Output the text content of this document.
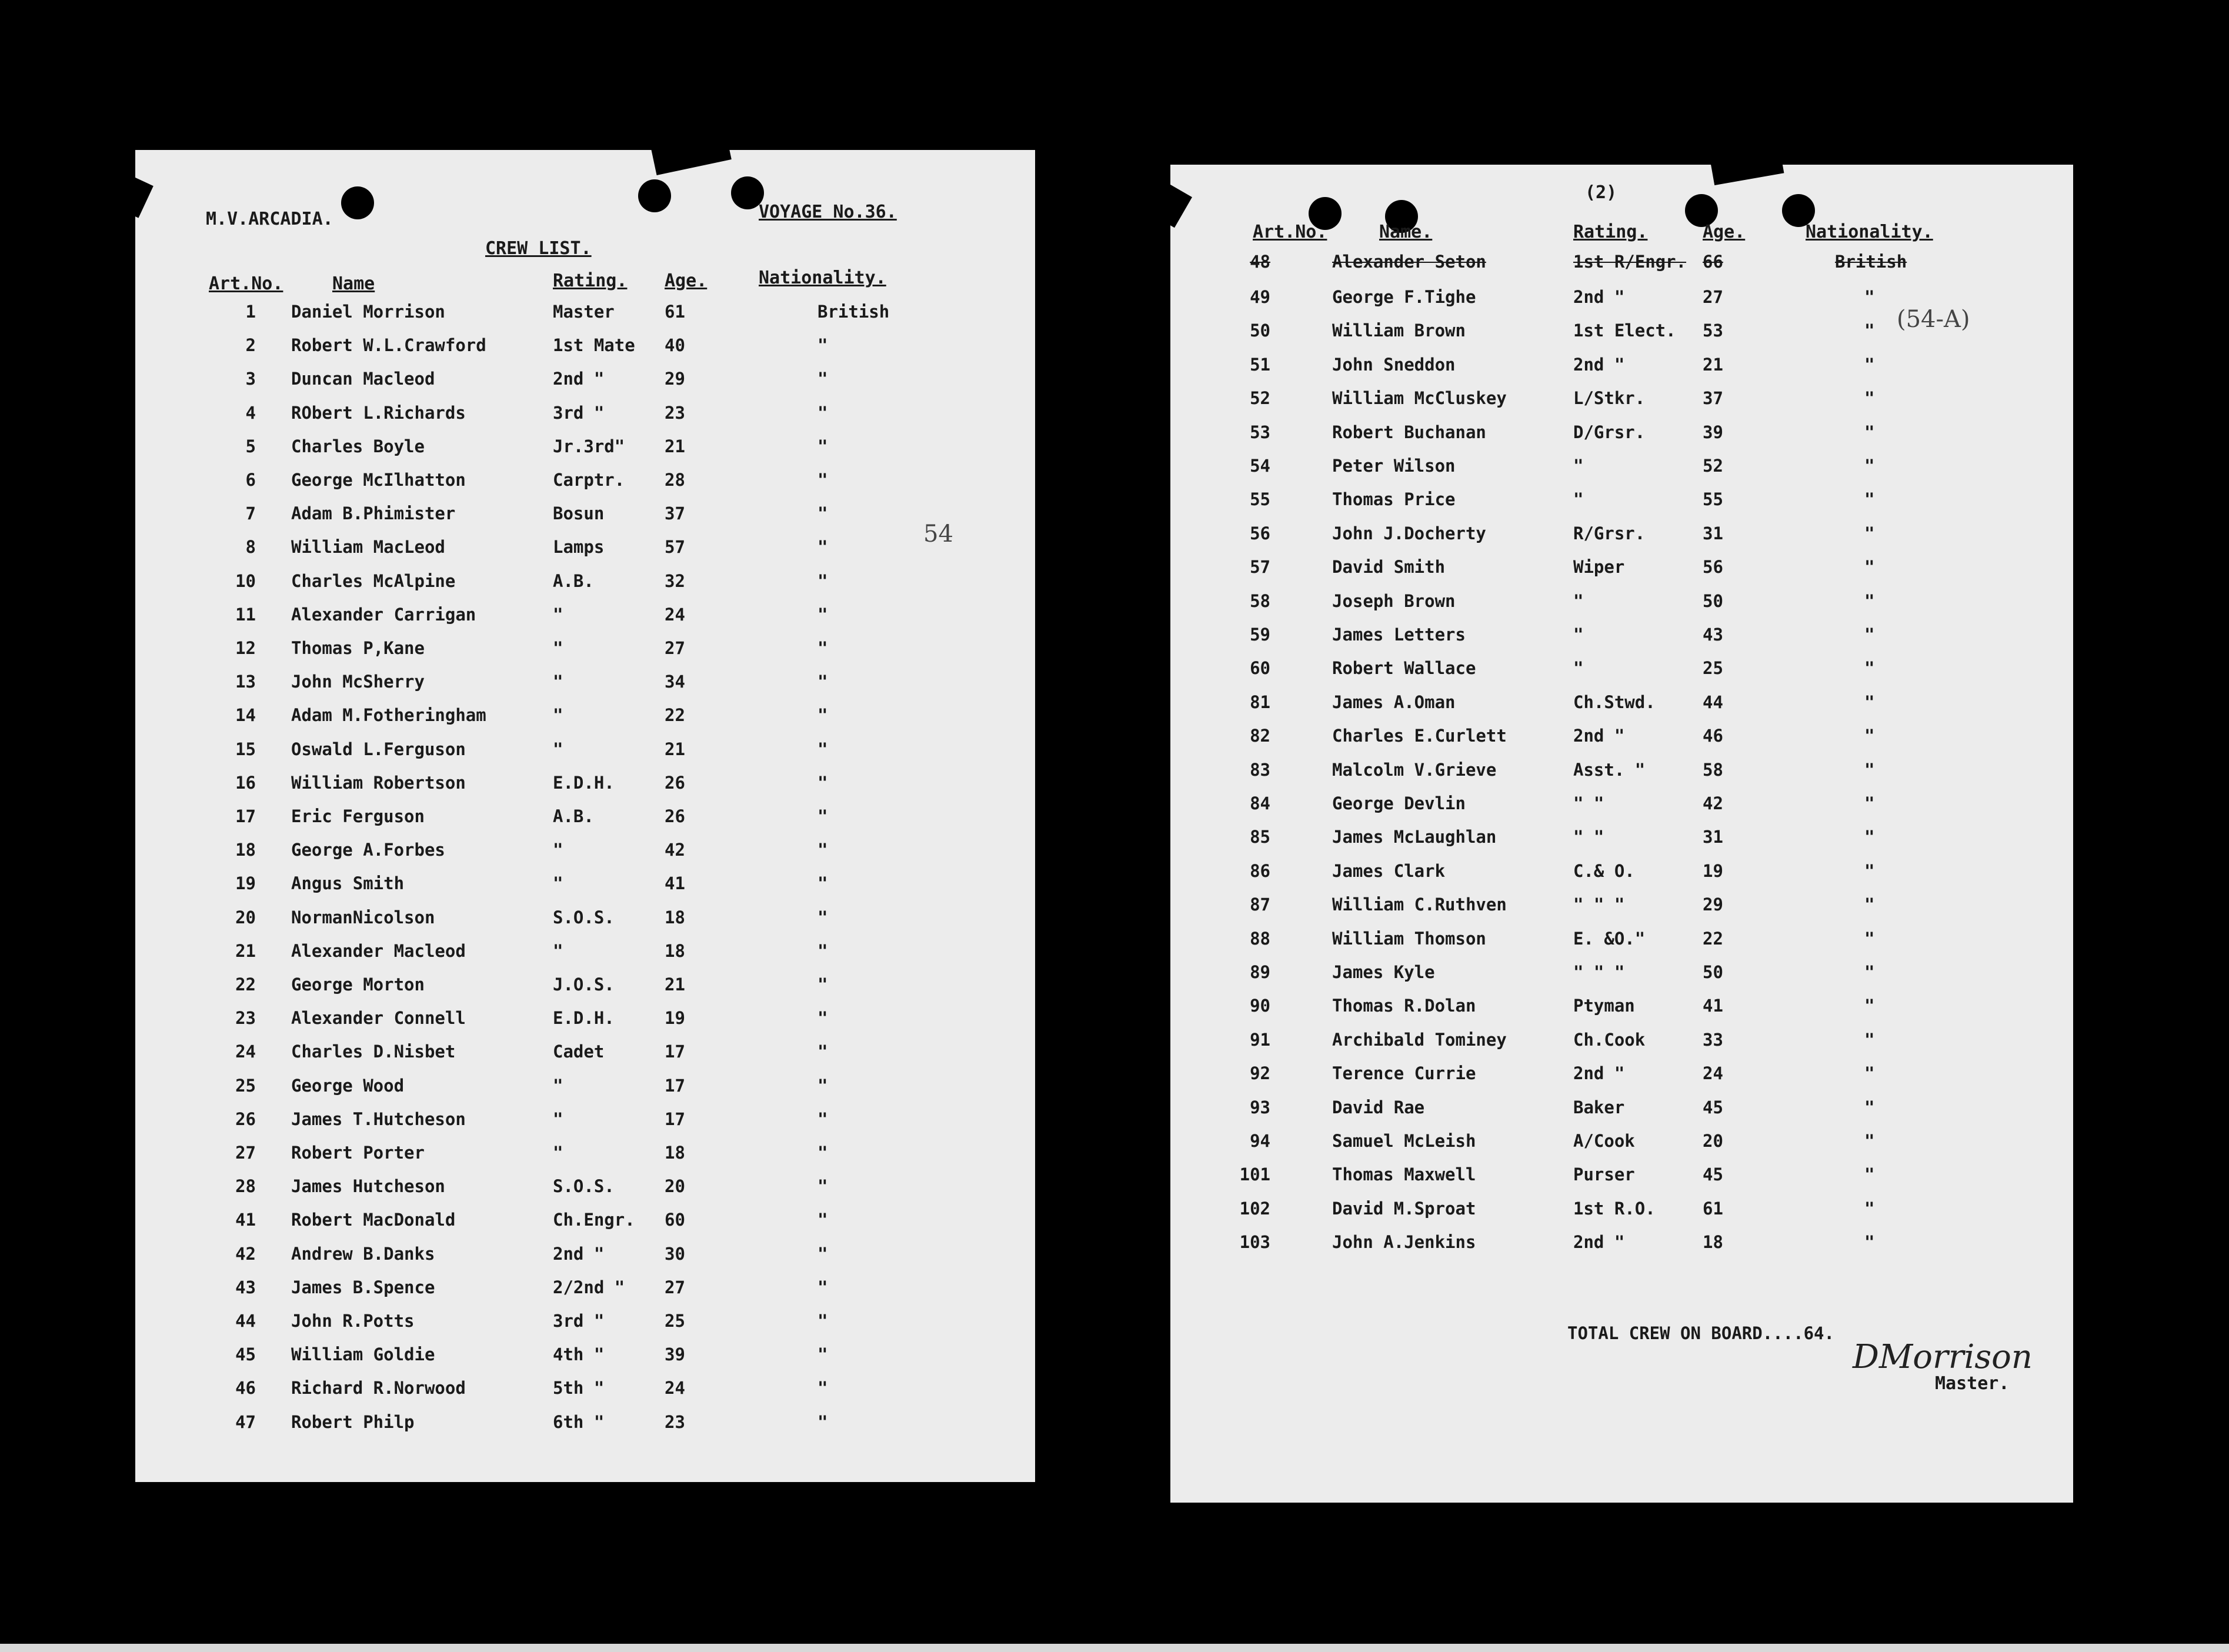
M.V.ARCADIA.	VOYAGE No.36.
CREW LIST.
Art.No.	Name	Rating. Age.	Nationality.
1 Daniel Morrison	Master	61	British
2 Robert W.L.Crawford	1st Mate 40	"
3 Duncan Macleod	2nd "	29	"
4 RObert L.Richards	3rd "	23	"
5 Charles Boyle	Jr.3rd" 21	"
6 George McIlhatton	Carptr. 28	"
7 Adam B.Phimister	Bosun	37	"
8 William MacLeod	Lamps	57	"
10 Charles McAlpine	A.B.	32	"
11 Alexander Carrigan	"	24	"
12 Thomas P,Kane	"	27	"
13 John McSherry	"	34	"
14 Adam M.Fotheringham	"	22	"
15 Oswald L.Ferguson	"	21	"
16 William Robertson	E.D.H.	26	"
17 Eric Ferguson	A.B.	26	"
18 George A.Forbes	"	42	"
19 Angus Smith	"	41	"
20 NormanNicolson	S.O.S.	18	"
21 Alexander Macleod	"	18	"
22 George Morton	J.O.S.	21	"
23 Alexander Connell	E.D.H.	19	"
24 Charles D.Nisbet	Cadet	17	"
25 George Wood	"	17	"
26 James T.Hutcheson	"	17	"
27 Robert Porter	"	18	"
28 James Hutcheson	S.O.S.	20	"
41 Robert MacDonald	Ch.Engr. 60	"
42 Andrew B.Danks	2nd "	30	"
43 James B.Spence	2/2nd " 27	"
44 John R.Potts	3rd "	25	"
45 William Goldie	4th "	39	"
46 Richard R.Norwood	5th "	24	"
47 Robert Philp	6th "	23	"
54
(2)
Art.No.	Name.	Rating.	Age.	Nationality.
48	Alexander Seton	1st R/Engr. 66	British
49	George F.Tighe	2nd "	27	"
50	William Brown	1st Elect. 53	"
51	John Sneddon	2nd "	21	"
52	William McCluskey	L/Stkr.	37	"
53	Robert Buchanan	D/Grsr.	39	"
54	Peter Wilson	"	52	"
55	Thomas Price	"	55	"
56	John J.Docherty	R/Grsr.	31	"
57	David Smith	Wiper	56	"
58	Joseph Brown	"	50	"
59	James Letters	"	43	"
60	Robert Wallace	"	25	"
81	James A.Oman	Ch.Stwd.	44	"
82	Charles E.Curlett	2nd "	46	"
83	Malcolm V.Grieve	Asst. "	58	"
84	George Devlin	" "	42	"
85	James McLaughlan	" "	31	"
86	James Clark	C.& O.	19	"
87	William C.Ruthven	" " "	29	"
88	William Thomson	E. &O."	22	"
89	James Kyle	" " "	50	"
90	Thomas R.Dolan	Ptyman	41	"
91	Archibald Tominey	Ch.Cook	33	"
92	Terence Currie	2nd "	24	"
93	David Rae	Baker	45	"
94	Samuel McLeish	A/Cook	20	"
101	Thomas Maxwell	Purser	45	"
102	David M.Sproat	1st R.O.	61	"
103	John A.Jenkins	2nd "	18	"
(54-A)
TOTAL CREW ON BOARD....64.
DMorrison
Master.
